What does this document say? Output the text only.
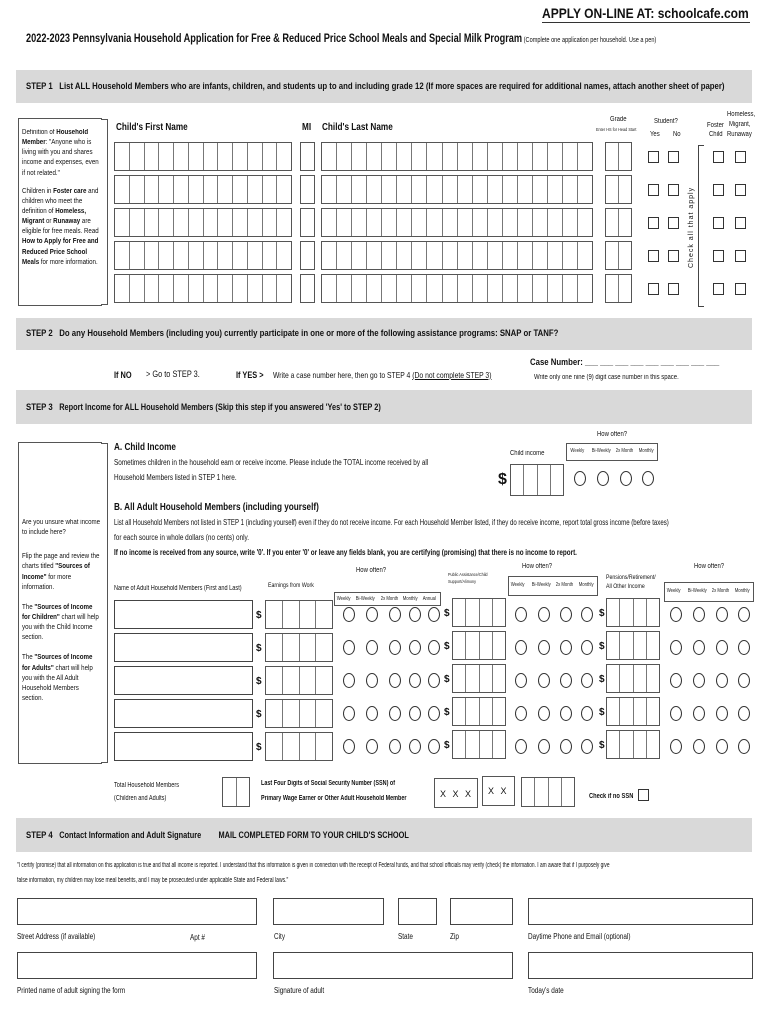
APPLY ON-LINE AT: schoolcafe.com
2022-2023 Pennsylvania Household Application for Free & Reduced Price School Meals and Special Milk Program (Complete one application per household. Use a pen)
STEP 1 List ALL Household Members who are infants, children, and students up to and including grade 12 (If more spaces are required for additional names, attach another sheet of paper)

Definition of Household Member: "Anyone who is living with you and shares income and expenses, even if not related."

Children in Foster care and children who meet the definition of Homeless, Migrant or Runaway are eligible for free meals. Read How to Apply for Free and Reduced Price School Meals for more information.

Child's First Name	MI Child's Last Name
Grade
Enter HS for Head Start
Student?
Yes No
Foster
Child
Homeless,
Migrant,
Runaway
Check all that apply
STEP 2 Do any Household Members (including you) currently participate in one or more of the following assistance programs: SNAP or TANF?
If NO > Go to STEP 3.	If YES > Write a case number here, then go to STEP 4 (Do not complete STEP 3)
Case Number: ___ ___ ___ ___ ___ ___ ___ ___ ___
Write only one nine (9) digit case number in this space.
STEP 3 Report Income for ALL Household Members (Skip this step if you answered 'Yes' to STEP 2)

Are you unsure what income to include here?

Flip the page and review the charts titled "Sources of Income" for more information.

The "Sources of Income for Children" chart will help you with the Child Income section.

The "Sources of Income for Adults" chart will help you with the All Adult Household Members section.

A. Child Income
Sometimes children in the household earn or receive income. Please include the TOTAL income received by all
Household Members listed in STEP 1 here.
Child income
$
How often?
Weekly	Bi-Weekly	2x Month	Monthly
B. All Adult Household Members (including yourself)
List all Household Members not listed in STEP 1 (including yourself) even if they do not receive income. For each Household Member listed, if they do receive income, report total gross income (before taxes)
for each source in whole dollars (no cents) only.
If no income is received from any source, write '0'. If you enter '0' or leave any fields blank, you are certifying (promising) that there is no income to report.
Name of Adult Household Members (First and Last)	Earnings from Work
How often?
Weekly	Bi-Weekly	2x Month	Monthly Annual
Public Assistance/Child
Support/Alimony
How often?
Weekly	Bi-Weekly	2x Month	Monthly
Pensions/Retirement/
All Other Income
How often?
Weekly	Bi-Weekly	2x Month	Monthly
$	$	$
$	$	$
$	$	$
$	$	$
$	$	$
Total Household Members
(Children and Adults)
Last Four Digits of Social Security Number (SSN) of
Primary Wage Earner or Other Adult Household Member	X X X X X
Check if no SSN
STEP 4 Contact Information and Adult Signature MAIL COMPLETED FORM TO YOUR CHILD'S SCHOOL
"I certify (promise) that all information on this application is true and that all income is reported. I understand that this information is given in connection with the receipt of Federal funds, and that school officials may verify (check) the information. I am aware that if I purposely give
false information, my children may lose meal benefits, and I may be prosecuted under applicable State and Federal laws."
Street Address (if available)	Apt #	City	State	Zip	Daytime Phone and Email (optional)
Printed name of adult signing the form	Signature of adult	Today's date
